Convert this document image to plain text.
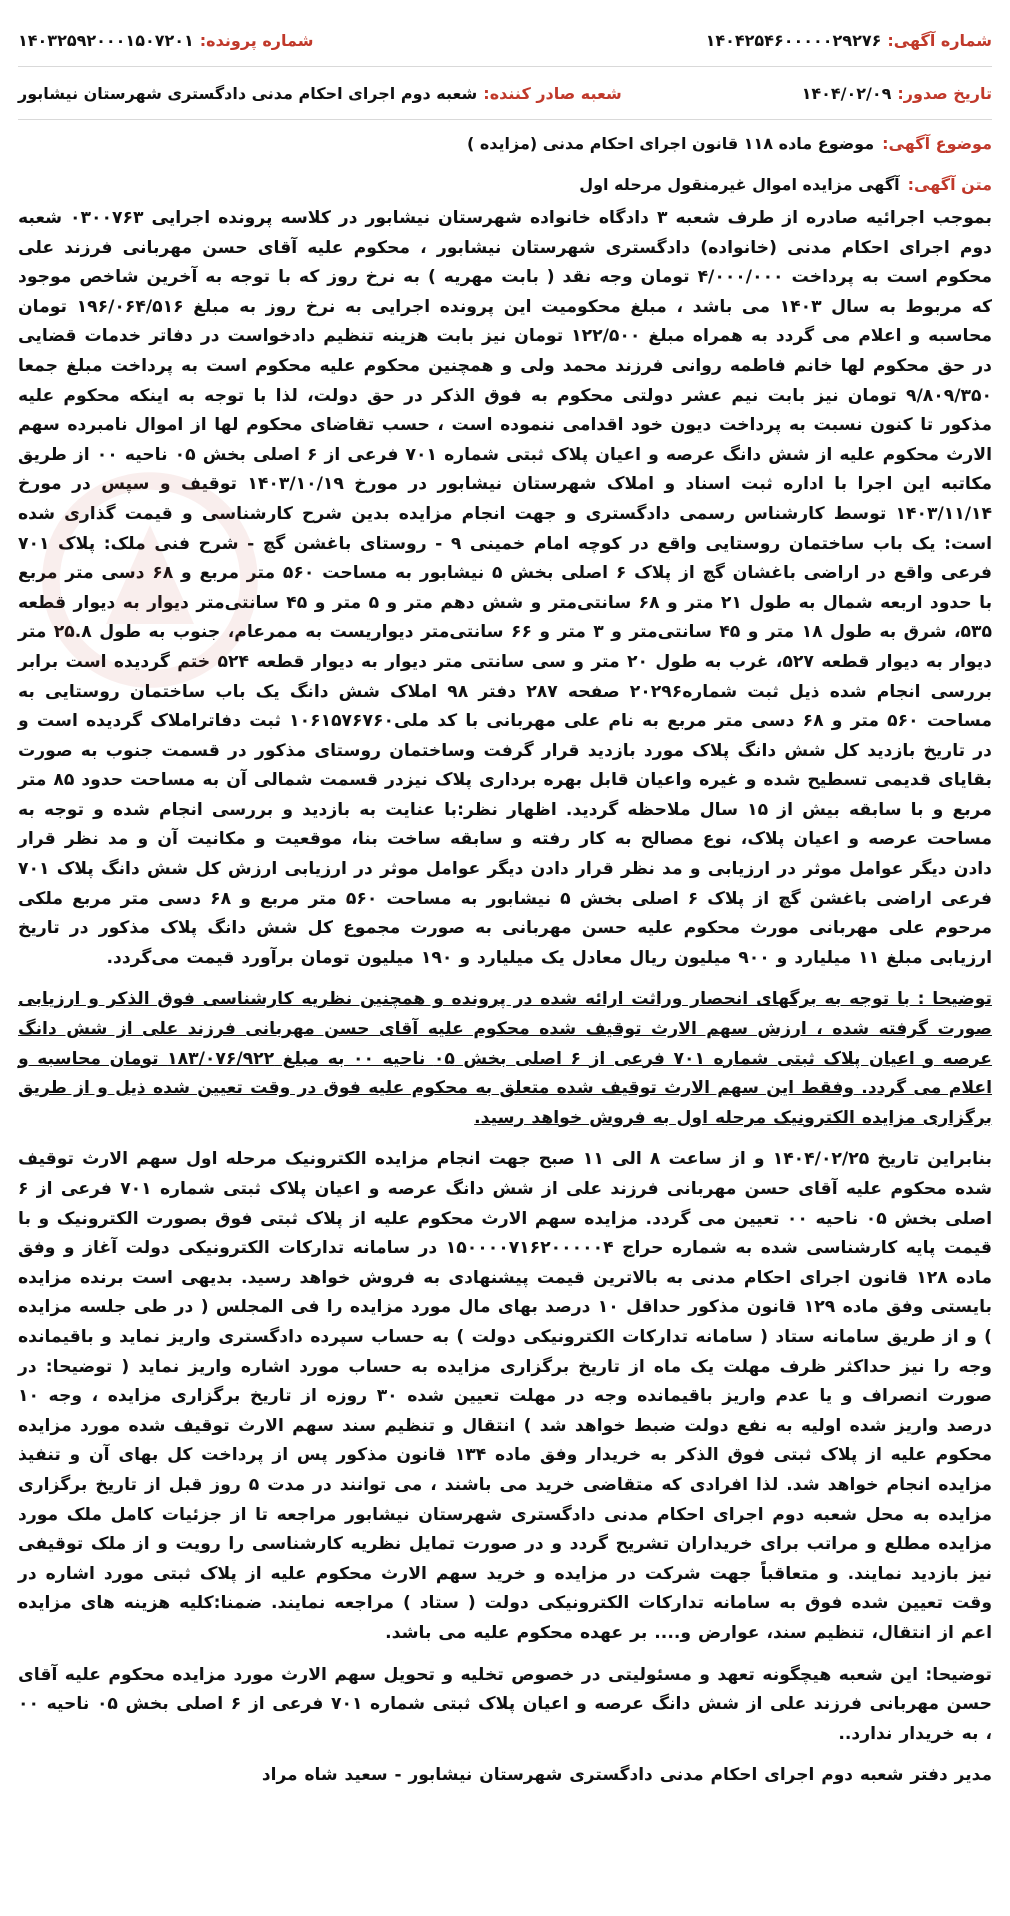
شماره آگهی:
۱۴۰۴۲۵۴۶۰۰۰۰۰۲۹۲۷۶
شماره پرونده:
۱۴۰۳۲۵۹۲۰۰۰۱۵۰۷۲۰۱
تاریخ صدور:
۱۴۰۴/۰۲/۰۹
شعبه صادر کننده:
شعبه دوم اجرای احکام مدنی دادگستری شهرستان نیشابور
موضوع آگهی:
موضوع ماده ۱۱۸ قانون اجرای احکام مدنی (مزایده )
متن آگهی:
آگهی مزایده اموال غیرمنقول مرحله اول

بموجب اجرائیه صادره از طرف شعبه ۳ دادگاه خانواده شهرستان نیشابور در کلاسه پرونده اجرایی ۰۳۰۰۷۶۳ شعبه دوم اجرای احکام مدنی (خانواده) دادگستری شهرستان نیشابور ، محکوم علیه آقای حسن مهربانی فرزند علی محکوم است به پرداخت ۴/۰۰۰/۰۰۰ تومان وجه نقد ( بابت مهریه ) به نرخ روز که با توجه به آخرین شاخص موجود که مربوط به سال ۱۴۰۳ می باشد ، مبلغ محکومیت این پرونده اجرایی به نرخ روز به مبلغ ۱۹۶/۰۶۴/۵۱۶ تومان محاسبه و اعلام می گردد به همراه مبلغ ۱۲۲/۵۰۰ تومان نیز بابت هزینه تنظیم دادخواست در دفاتر خدمات قضایی در حق محکوم لها خانم فاطمه روانی فرزند محمد ولی و همچنین محکوم علیه محکوم است به پرداخت مبلغ جمعا ۹/۸۰۹/۳۵۰ تومان نیز بابت نیم عشر دولتی محکوم به فوق الذکر در حق دولت، لذا با توجه به اینکه محکوم علیه مذکور تا کنون نسبت به پرداخت دیون خود اقدامی ننموده است ، حسب تقاضای محکوم لها از اموال نامبرده سهم الارث محکوم علیه از شش دانگ عرصه و اعیان پلاک ثبتی شماره ۷۰۱ فرعی از ۶ اصلی بخش ۰۵ ناحیه ۰۰ از طریق مکاتبه این اجرا با اداره ثبت اسناد و املاک شهرستان نیشابور در مورخ ۱۴۰۳/۱۰/۱۹ توقیف و سپس در مورخ ۱۴۰۳/۱۱/۱۴ توسط کارشناس رسمی دادگستری و جهت انجام مزایده بدین شرح کارشناسی و قیمت گذاری شده است: یک باب ساختمان روستایی واقع در کوچه امام خمینی ۹ - روستای باغشن گچ - شرح فنی ملک: پلاک ۷۰۱ فرعی واقع در اراضی باغشان گچ از پلاک ۶ اصلی بخش ۵ نیشابور به مساحت ۵۶۰ متر مربع و ۶۸ دسی متر مربع با حدود اربعه شمال به طول ۲۱ متر و ۶۸ سانتی‌متر و شش دهم متر و ۵ متر و ۴۵ سانتی‌متر دیوار به دیوار قطعه ۵۳۵، شرق به طول ۱۸ متر و ۴۵ سانتی‌متر و ۳ متر و ۶۶ سانتی‌متر دیواریست به ممرعام، جنوب به طول ۲۵.۸ متر دیوار به دیوار قطعه ۵۲۷، غرب به طول ۲۰ متر و سی سانتی متر دیوار به دیوار قطعه ۵۲۴ ختم گردیده است برابر بررسی انجام شده ذیل ثبت شماره۲۰۲۹۶ صفحه ۲۸۷ دفتر ۹۸ املاک شش دانگ یک باب ساختمان روستایی به مساحت ۵۶۰ متر و ۶۸ دسی متر مربع به نام علی مهربانی با کد ملی۱۰۶۱۵۷۶۷۶۰ ثبت دفاتراملاک گردیده است و در تاریخ بازدید کل شش دانگ پلاک مورد بازدید قرار گرفت وساختمان روستای مذکور در قسمت جنوب به صورت بقایای قدیمی تسطیح شده و غیره واعیان قابل بهره برداری پلاک نیزدر قسمت شمالی آن به مساحت حدود ۸۵ متر مربع و با سابقه بیش از ۱۵ سال ملاحظه گردید. اظهار نظر:با عنایت به بازدید و بررسی انجام شده و توجه به مساحت عرصه و اعیان پلاک، نوع مصالح به کار رفته و سابقه ساخت بنا، موقعیت و مکانیت آن و مد نظر قرار دادن دیگر عوامل موثر در ارزیابی و مد نظر قرار دادن دیگر عوامل موثر در ارزیابی ارزش کل شش دانگ پلاک ۷۰۱ فرعی اراضی باغشن گچ از پلاک ۶ اصلی بخش ۵ نیشابور به مساحت ۵۶۰ متر مربع و ۶۸ دسی متر مربع ملکی مرحوم علی مهربانی مورث محکوم علیه حسن مهربانی به صورت مجموع کل شش دانگ پلاک مذکور در تاریخ ارزیابی مبلغ ۱۱ میلیارد و ۹۰۰ میلیون ریال معادل یک میلیارد و ۱۹۰ میلیون تومان برآورد قیمت می‌گردد.

توضیحا : با توجه به برگهای انحصار وراثت ارائه شده در پرونده و همچنین نظریه کارشناسی فوق الذکر و ارزیابی صورت گرفته شده ، ارزش سهم الارث توقیف شده محکوم علیه آقای حسن مهربانی فرزند علی از شش دانگ عرصه و اعیان پلاک ثبتی شماره ۷۰۱ فرعی از ۶ اصلی بخش ۰۵ ناحیه ۰۰ به مبلغ ۱۸۳/۰۷۶/۹۲۲ تومان محاسبه و اعلام می گردد. وفقط این سهم الارث توقیف شده متعلق به محکوم علیه فوق در وقت تعیین شده ذیل و از طریق برگزاری مزایده الکترونیک مرحله اول به فروش خواهد رسید.

بنابراین تاریخ ۱۴۰۴/۰۲/۲۵ و از ساعت ۸ الی ۱۱ صبح جهت انجام مزایده الکترونیک مرحله اول سهم الارث توقیف شده محکوم علیه آقای حسن مهربانی فرزند علی از شش دانگ عرصه و اعیان پلاک ثبتی شماره ۷۰۱ فرعی از ۶ اصلی بخش ۰۵ ناحیه ۰۰ تعیین می گردد. مزایده سهم الارث محکوم علیه از پلاک ثبتی فوق بصورت الکترونیک و با قیمت پایه کارشناسی شده به شماره حراج ۱۵۰۰۰۰۷۱۶۲۰۰۰۰۰۴ در سامانه تدارکات الکترونیکی دولت آغاز و وفق ماده ۱۲۸ قانون اجرای احکام مدنی به بالاترین قیمت پیشنهادی به فروش خواهد رسید. بدیهی است برنده مزایده بایستی وفق ماده ۱۲۹ قانون مذکور حداقل ۱۰ درصد بهای مال مورد مزایده را فی المجلس ( در طی جلسه مزایده ) و از طریق سامانه ستاد ( سامانه تدارکات الکترونیکی دولت ) به حساب سپرده دادگستری واریز نماید و باقیمانده وجه را نیز حداکثر ظرف مهلت یک ماه از تاریخ برگزاری مزایده به حساب مورد اشاره واریز نماید ( توضیحا: در صورت انصراف و یا عدم واریز باقیمانده وجه در مهلت تعیین شده ۳۰ روزه از تاریخ برگزاری مزایده ، وجه ۱۰ درصد واریز شده اولیه به نفع دولت ضبط خواهد شد ) انتقال و تنظیم سند سهم الارث توقیف شده مورد مزایده محکوم علیه از پلاک ثبتی فوق الذکر به خریدار وفق ماده ۱۳۴ قانون مذکور پس از پرداخت کل بهای آن و تنفیذ مزایده انجام خواهد شد. لذا افرادی که متقاضی خرید می باشند ، می توانند در مدت ۵ روز قبل از تاریخ برگزاری مزایده به محل شعبه دوم اجرای احکام مدنی دادگستری شهرستان نیشابور مراجعه تا از جزئیات کامل ملک مورد مزایده مطلع و مراتب برای خریداران تشریح گردد و در صورت تمایل نظریه کارشناسی را رویت و از ملک توقیفی نیز بازدید نمایند. و متعاقباً جهت شرکت در مزایده و خرید سهم الارث محکوم علیه از پلاک ثبتی مورد اشاره در وقت تعیین شده فوق به سامانه تدارکات الکترونیکی دولت ( ستاد ) مراجعه نمایند. ضمنا:کلیه هزینه های مزایده اعم از انتقال، تنظیم سند، عوارض و.... بر عهده محکوم علیه می باشد.

توضیحا: این شعبه هیچگونه تعهد و مسئولیتی در خصوص تخلیه و تحویل سهم الارث مورد مزایده محکوم علیه آقای حسن مهربانی فرزند علی از شش دانگ عرصه و اعیان پلاک ثبتی شماره ۷۰۱ فرعی از ۶ اصلی بخش ۰۵ ناحیه ۰۰ ، به خریدار ندارد..

مدیر دفتر شعبه دوم اجرای احکام مدنی دادگستری شهرستان نیشابور - سعید شاه مراد
